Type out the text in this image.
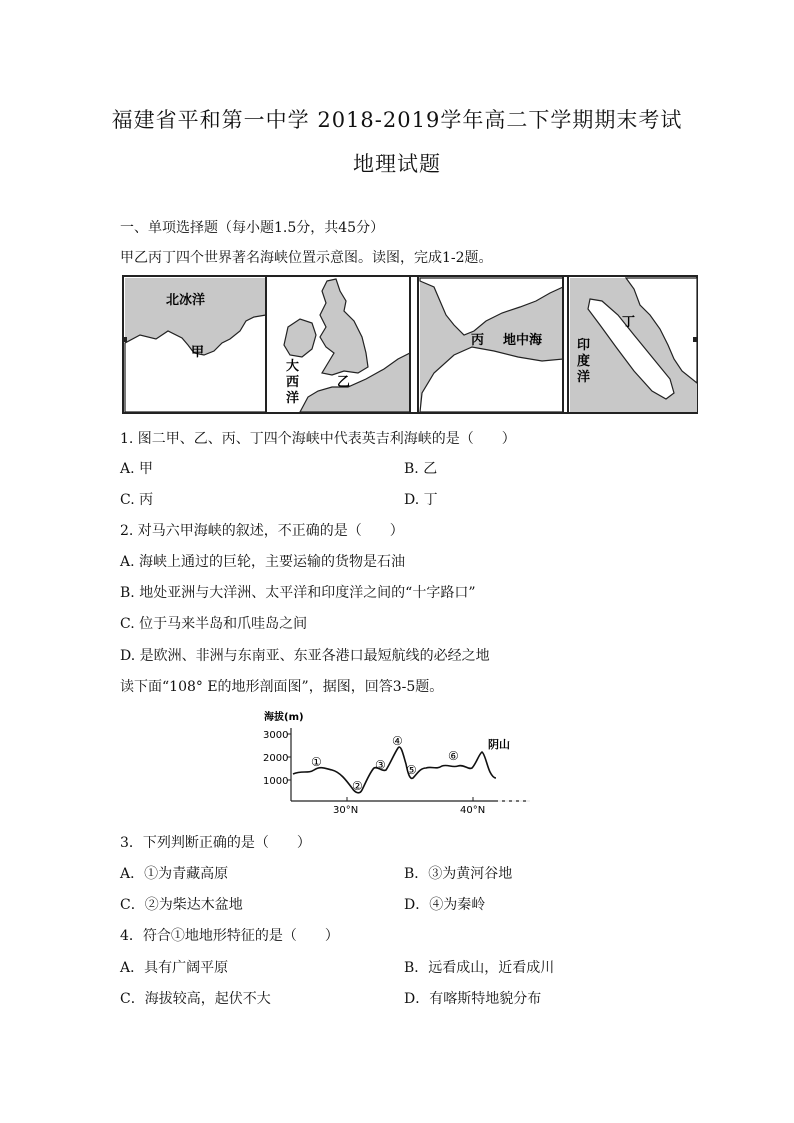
福建省平和第一中学 2018-2019学年高二下学期期末考试
地理试题
一、单项选择题（每小题1.5分，共45分）
甲乙丙丁四个世界著名海峡位置示意图。读图，完成1-2题。
北冰洋
甲
大
西
洋
乙
丙 地中海
丁
印
度
洋
1. 图二甲、乙、丙、丁四个海峡中代表英吉利海峡的是（　　）
A. 甲	B. 乙
C. 丙	D. 丁
2. 对马六甲海峡的叙述，不正确的是（　　）
A. 海峡上通过的巨轮，主要运输的货物是石油
B. 地处亚洲与大洋洲、太平洋和印度洋之间的“十字路口”
C. 位于马来半岛和爪哇岛之间
D. 是欧洲、非洲与东南亚、东亚各港口最短航线的必经之地
读下面“108° E的地形剖面图”，据图，回答3-5题。
海拔(m)
3000
2000
1000
30°N	40°N
①
②
③
④
⑤
⑥
阴山
3．下列判断正确的是（　　）
A．①为青藏高原	B．③为黄河谷地
C．②为柴达木盆地	D．④为秦岭
4．符合①地地形特征的是（　　）
A．具有广阔平原	B．远看成山，近看成川
C．海拔较高，起伏不大	D．有喀斯特地貌分布
